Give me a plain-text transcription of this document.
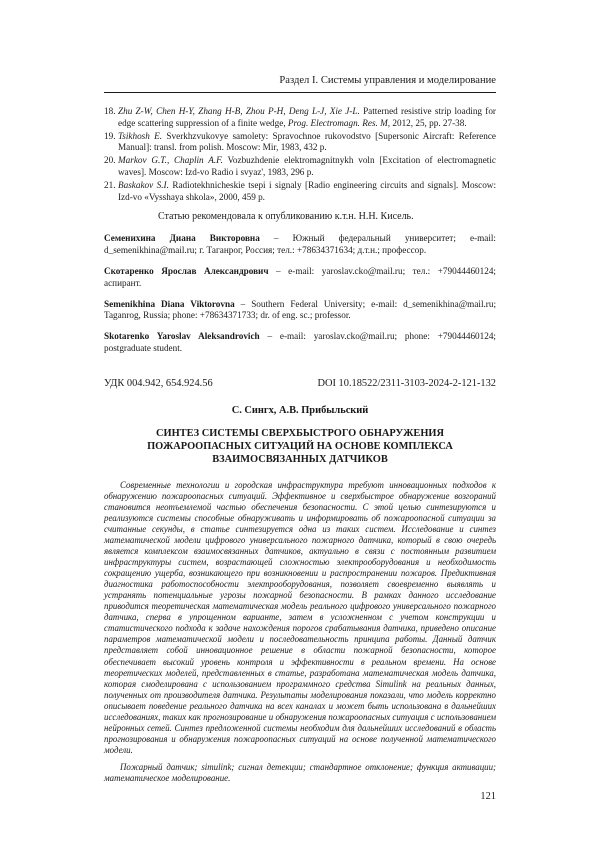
Раздел I. Системы управления и моделирование
18. Zhu Z-W, Chen H-Y, Zhang H-B, Zhou P-H, Deng L-J, Xie J-L. Patterned resistive strip loading for edge scattering suppression of a finite wedge, Prog. Electromagn. Res. M, 2012, 25, pp. 27-38.
19. Tsikhosh E. Sverkhzvukovye samolety: Spravochnoe rukovodstvo [Supersonic Aircraft: Reference Manual]: transl. from polish. Moscow: Mir, 1983, 432 p.
20. Markov G.T., Chaplin A.F. Vozbuzhdenie elektromagnitnykh voln [Excitation of electromagnetic waves]. Moscow: Izd-vo Radio i svyaz', 1983, 296 p.
21. Baskakov S.I. Radiotekhnicheskie tsepi i signaly [Radio engineering circuits and signals]. Moscow: Izd-vo «Vysshaya shkola», 2000, 459 p.

Статью рекомендовала к опубликованию к.т.н. Н.Н. Кисель.

Семенихина Диана Викторовна – Южный федеральный университет; e-mail: d_semenikhina@mail.ru; г. Таганрог, Россия; тел.: +78634371634; д.т.н.; профессор.

Скотаренко Ярослав Александрович – e-mail: yaroslav.cko@mail.ru; тел.: +79044460124; аспирант.

Semenikhina Diana Viktorovna – Southern Federal University; e-mail: d_semenikhina@mail.ru; Taganrog, Russia; phone: +78634371733; dr. of eng. sc.; professor.

Skotarenko Yaroslav Aleksandrovich – e-mail: yaroslav.cko@mail.ru; phone: +79044460124; postgraduate student.

УДК 004.942, 654.924.56	DOI 10.18522/2311-3103-2024-2-121-132
С. Сингх, А.В. Прибыльский
СИНТЕЗ СИСТЕМЫ СВЕРХБЫСТРОГО ОБНАРУЖЕНИЯ ПОЖАРООПАСНЫХ СИТУАЦИЙ НА ОСНОВЕ КОМПЛЕКСА ВЗАИМОСВЯЗАННЫХ ДАТЧИКОВ

Современные технологии и городская инфраструктура требуют инновационных подходов к обнаружению пожароопасных ситуаций. Эффективное и сверхбыстрое обнаружение возгораний становится неотъемлемой частью обеспечения безопасности. С этой целью синтезируются и реализуются системы способные обнаруживать и информировать об пожароопасной ситуации за считанные секунды, в статье синтезируется одна из таких систем. Исследование и синтез математической модели цифрового универсального пожарного датчика, который в свою очередь является комплексом взаимосвязанных датчиков, актуально в связи с постоянным развитием инфраструктуры систем, возрастающей сложностью электрооборудования и необходимость сокращению ущерба, возникающего при возникновении и распространении пожаров. Предиктивная диагностика работоспособности электрооборудования, позволяет своевременно выявлять и устранять потенциальные угрозы пожарной безопасности. В рамках данного исследование приводится теоретическая математическая модель реального цифрового универсального пожарного датчика, сперва в упрощенном варианте, затем в усложненном с учетом конструкции и статистического подхода к задаче нахождения порогов срабатывания датчика, приведено описание параметров математической модели и последовательность принципа работы. Данный датчик представляет собой инновационное решение в области пожарной безопасности, которое обеспечивает высокий уровень контроля и эффективности в реальном времени. На основе теоретических моделей, представленных в статье, разработана математическая модель датчика, которая смоделирована с использованием программного средства Simulink на реальных данных, полученных от производителя датчика. Результаты моделирования показали, что модель корректно описывает поведение реального датчика на всех каналах и может быть использована в дальнейших исследованиях, таких как прогнозирование и обнаружения пожароопасных ситуация с использованием нейронных сетей. Синтез предложенной системы необходим для дальнейших исследований в область прогнозирования и обнаружения пожароопасных ситуаций на основе полученной математического модели.

Пожарный датчик; simulink; сигнал детекции; стандартное отклонение; функция активации; математическое моделирование.

121
